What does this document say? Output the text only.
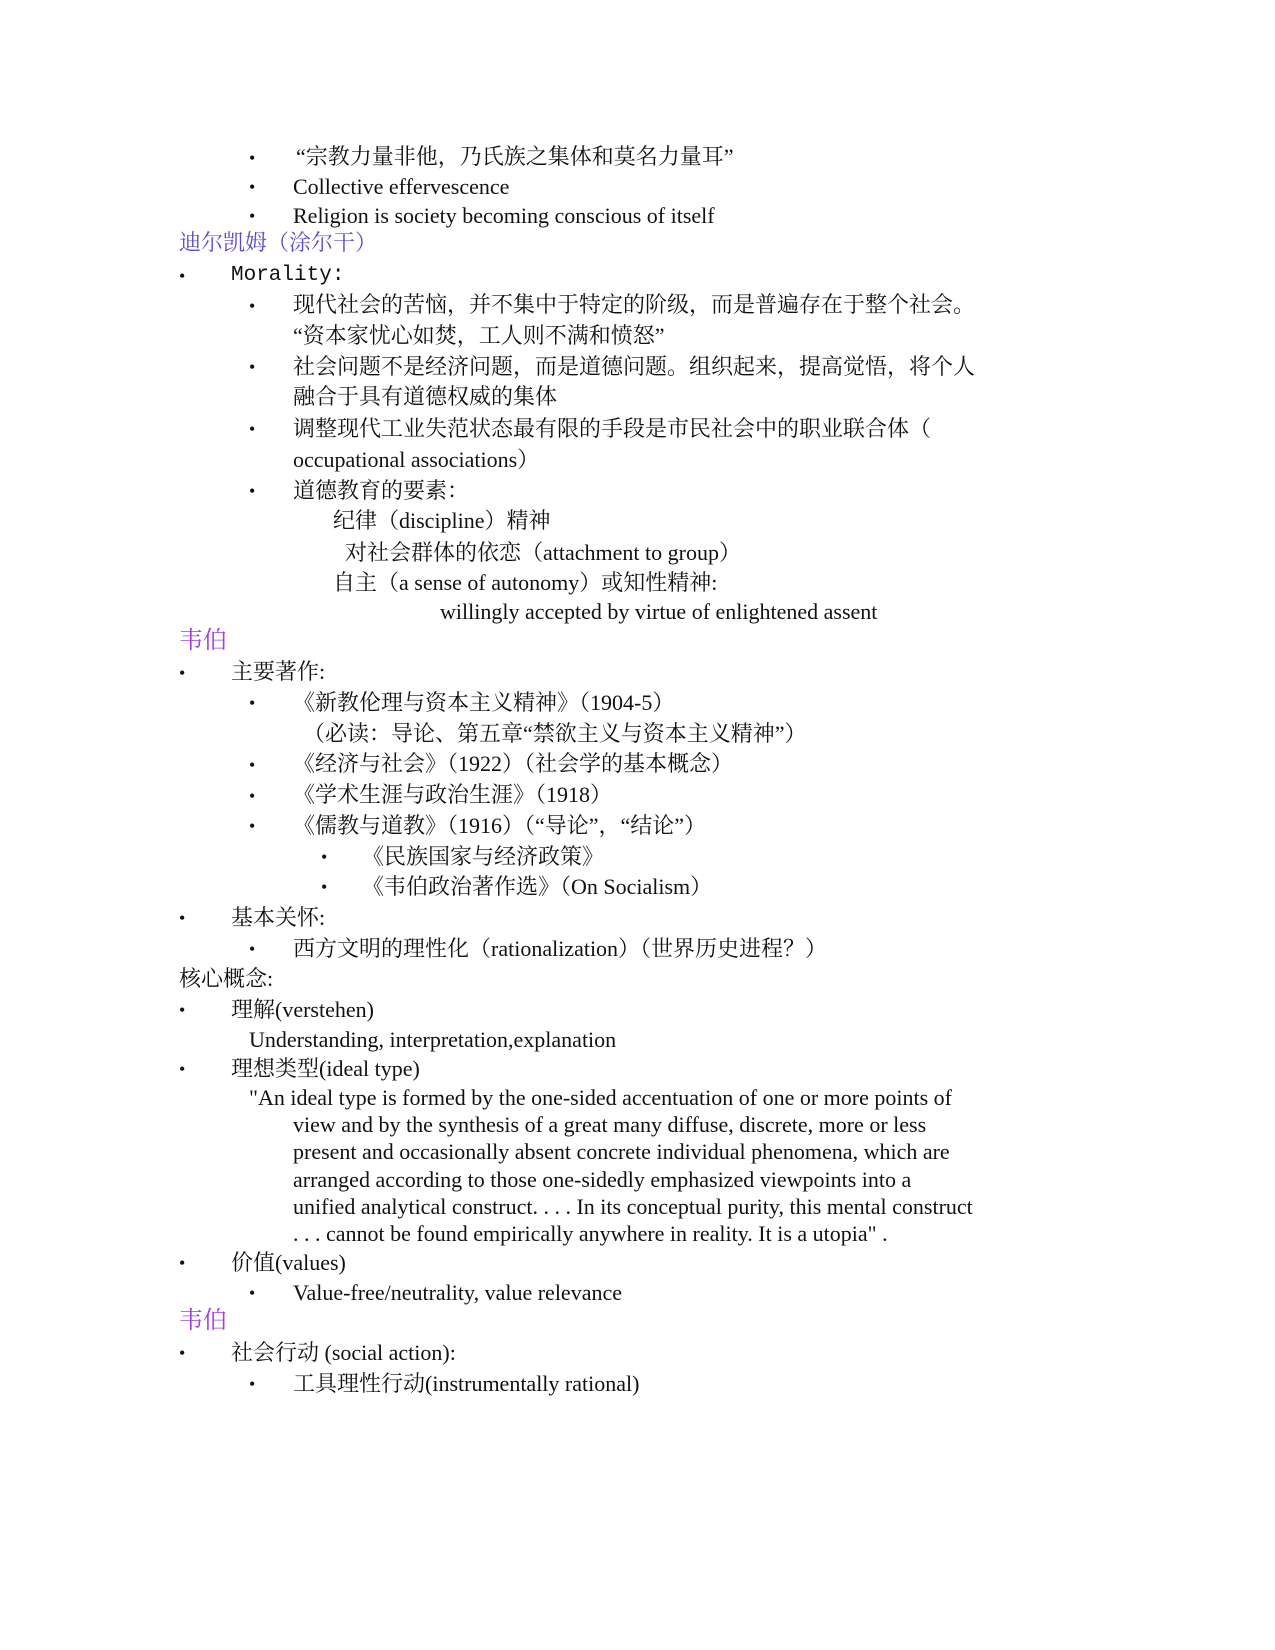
• “宗教力量非他，乃氏族之集体和莫名力量耳”
• Collective effervescence
• Religion is society becoming conscious of itself
迪尔凯姆（涂尔干）
• Morality:
• 现代社会的苦恼，并不集中于特定的阶级，而是普遍存在于整个社会。
“资本家忧心如焚，工人则不满和愤怒”
• 社会问题不是经济问题，而是道德问题。组织起来，提高觉悟，将个人
融合于具有道德权威的集体
• 调整现代工业失范状态最有限的手段是市民社会中的职业联合体（
occupational associations）
• 道德教育的要素：
纪律（discipline）精神
对社会群体的依恋（attachment to group）
自主（a sense of autonomy）或知性精神:
willingly accepted by virtue of enlightened assent
韦伯
• 主要著作:
• 《新教伦理与资本主义精神》（1904-5）
（必读：导论、第五章“禁欲主义与资本主义精神”）
• 《经济与社会》（1922）（社会学的基本概念）
• 《学术生涯与政治生涯》（1918）
• 《儒教与道教》（1916）（“导论”，“结论”）
• 《民族国家与经济政策》
• 《韦伯政治著作选》（On Socialism）
• 基本关怀:
• 西方文明的理性化（rationalization）（世界历史进程？）
核心概念:
• 理解(verstehen)
Understanding, interpretation,explanation
• 理想类型(ideal type)
"An ideal type is formed by the one-sided accentuation of one or more points of
view and by the synthesis of a great many diffuse, discrete, more or less
present and occasionally absent concrete individual phenomena, which are
arranged according to those one-sidedly emphasized viewpoints into a
unified analytical construct. . . . In its conceptual purity, this mental construct
. . . cannot be found empirically anywhere in reality. It is a utopia" .
• 价值(values)
• Value-free/neutrality, value relevance
韦伯
• 社会行动 (social action):
• 工具理性行动(instrumentally rational)
